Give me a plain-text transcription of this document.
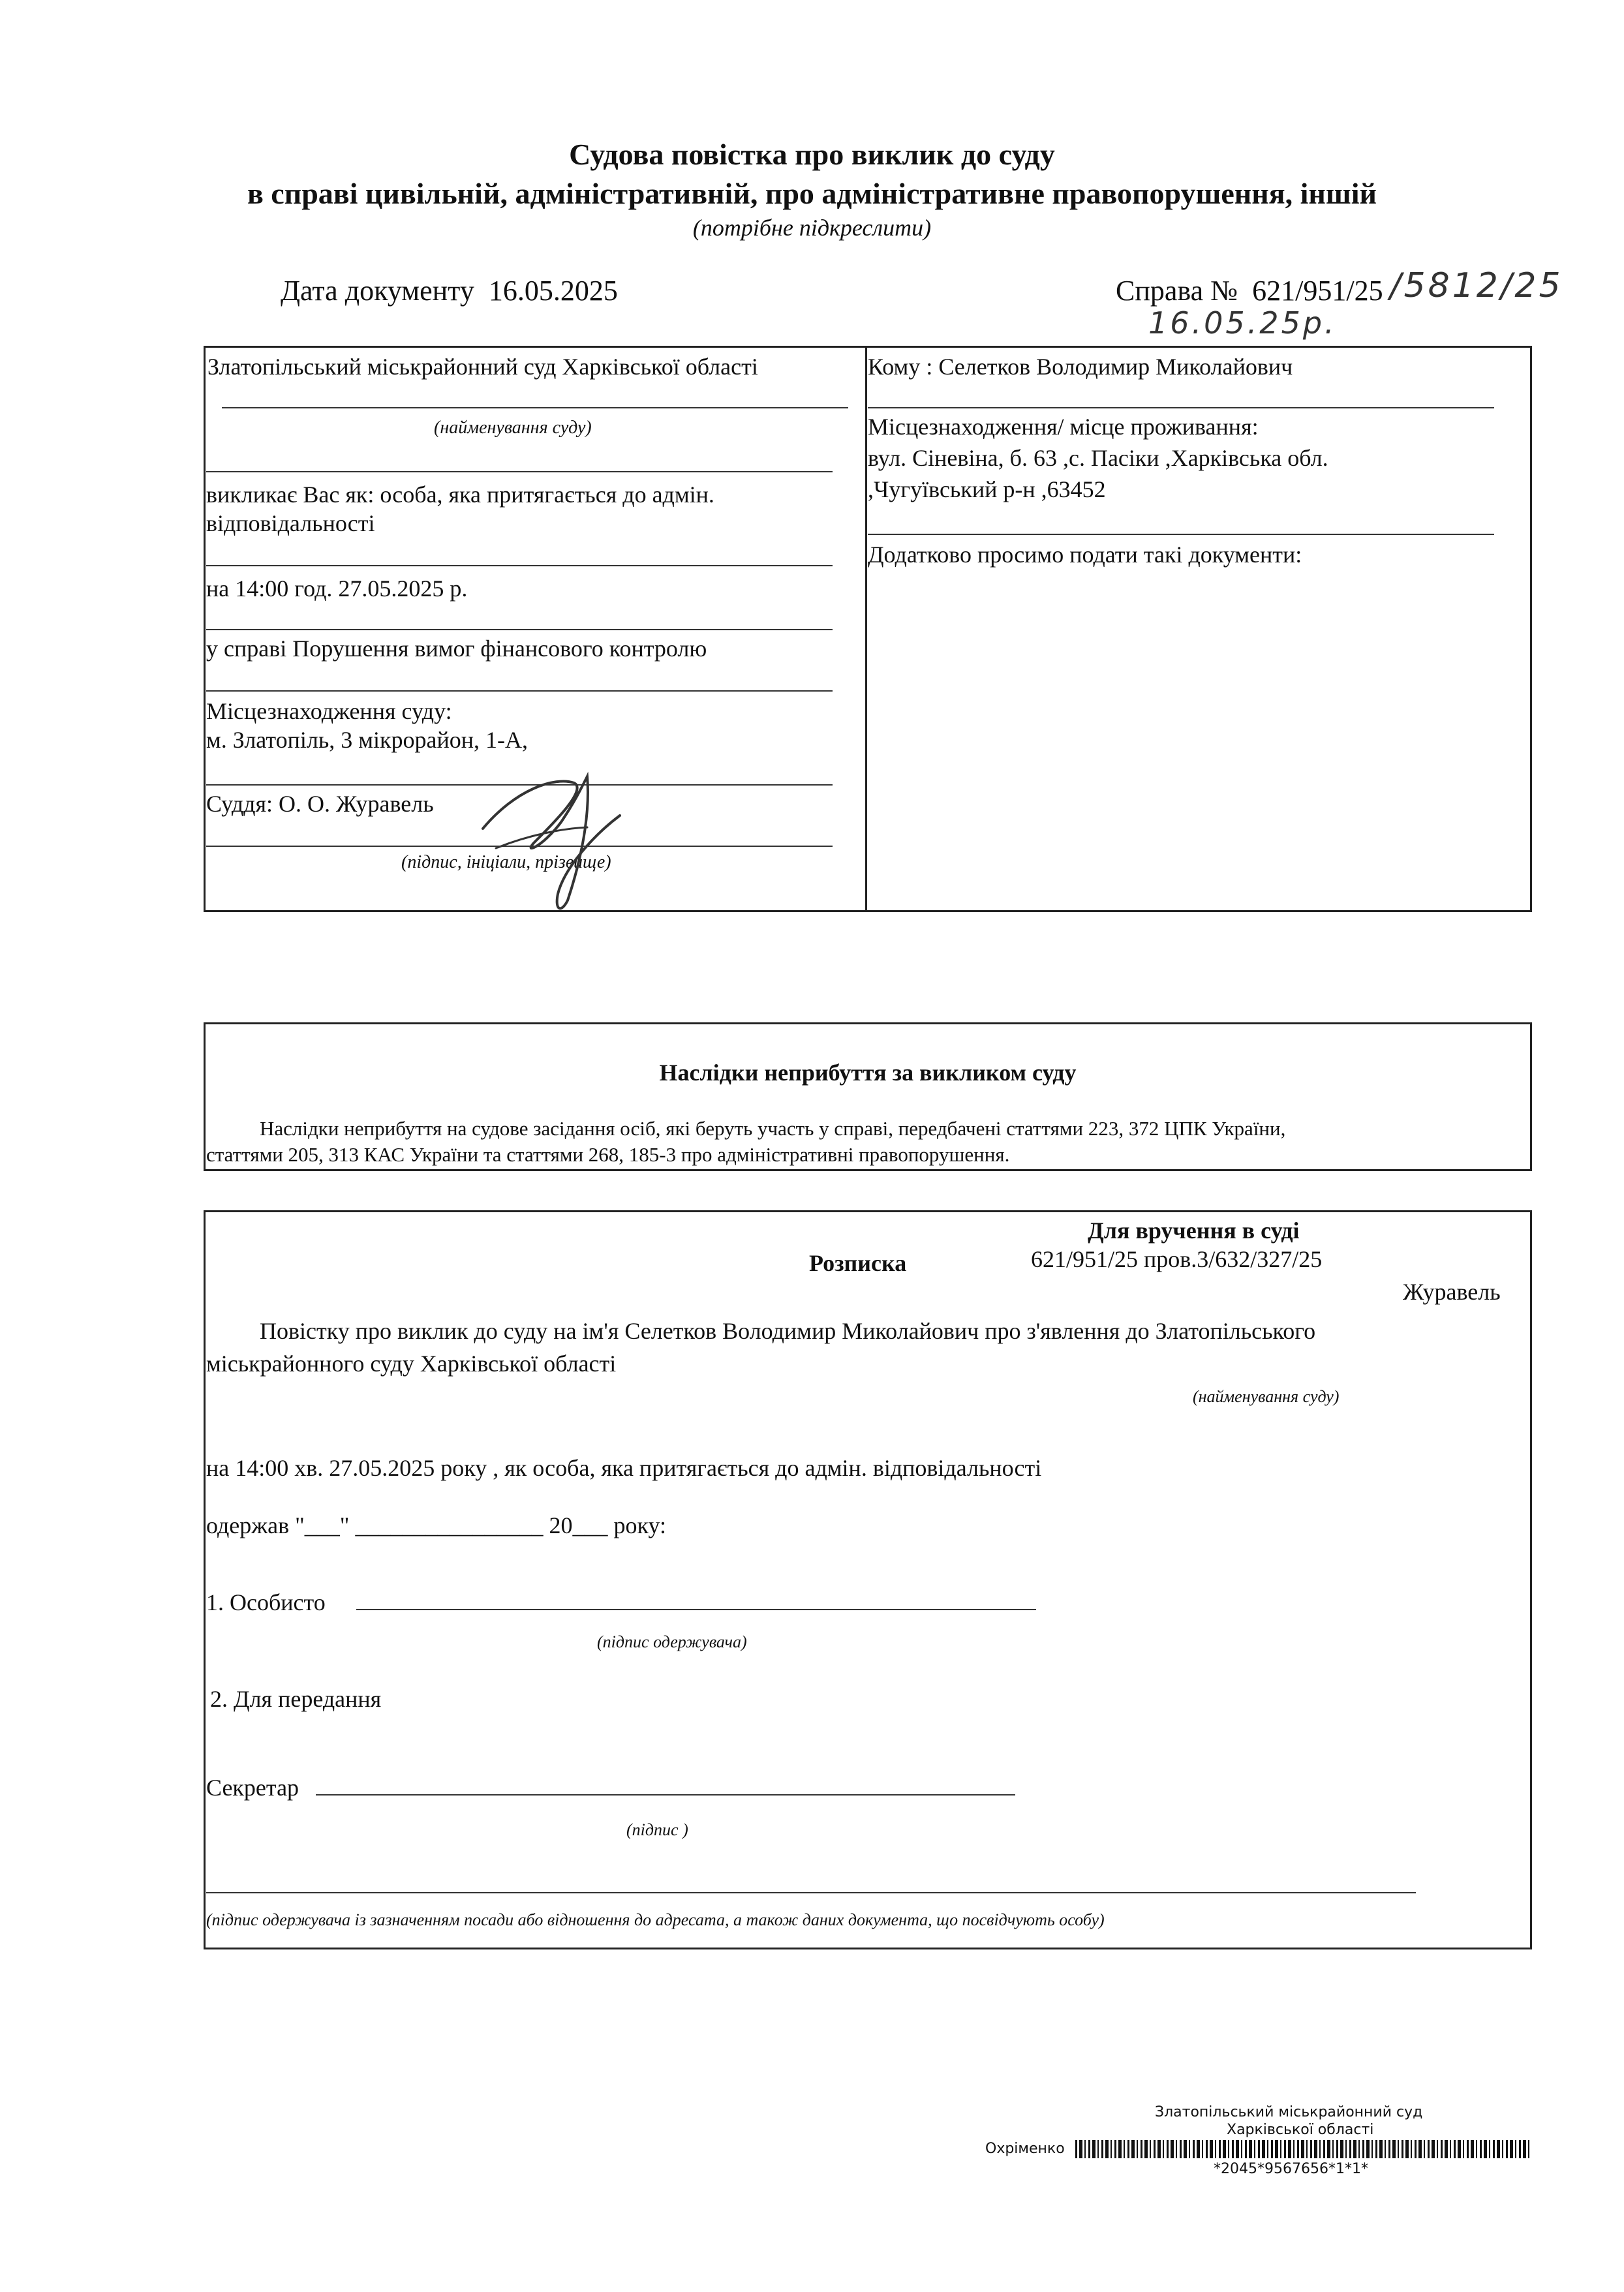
Судова повістка про виклик до суду
в справі цивільній, адміністративній, про адміністративне правопорушення, іншій
(потрібне підкреслити)
Дата документу 16.05.2025	Справа № 621/951/25 /5812/25
16.05.25р.
Златопільський міськрайонний суд Харківської області
(найменування суду)
викликає Вас як: особа, яка притягається до адмін.
відповідальності
на 14:00 год. 27.05.2025 р.
у справі Порушення вимог фінансового контролю
Місцезнаходження суду:
м. Златопіль, 3 мікрорайон, 1-А,
Суддя: О. О. Журавель
(підпис, ініціали, прізвище)
Кому : Селетков Володимир Миколайович
Місцезнаходження/ місце проживання:
вул. Сіневіна, б. 63 ,с. Пасіки ,Харківська обл.
,Чугуївський р-н ,63452
Додатково просимо подати такі документи:
Наслідки неприбуття за викликом суду
Наслідки неприбуття на судове засідання осіб, які беруть участь у справі, передбачені статтями 223, 372 ЦПК України,
статтями 205, 313 КАС України та статтями 268, 185-3 про адміністративні правопорушення.
Для вручення в суді
Розписка	621/951/25 пров.3/632/327/25
Журавель
Повістку про виклик до суду на ім'я Селетков Володимир Миколайович про з'явлення до Златопільського
міськрайонного суду Харківської області
(найменування суду)
на 14:00 хв. 27.05.2025 року , як особа, яка притягається до адмін. відповідальності
одержав "___" ________________ 20___ року:
1. Особисто
(підпис одержувача)
2. Для передання
Секретар
(підпис )
(підпис одержувача із зазначенням посади або відношення до адресата, а також даних документа, що посвідчують особу)
Златопільський міськрайонний суд
Харківської області
Охріменко
*2045*9567656*1*1*
